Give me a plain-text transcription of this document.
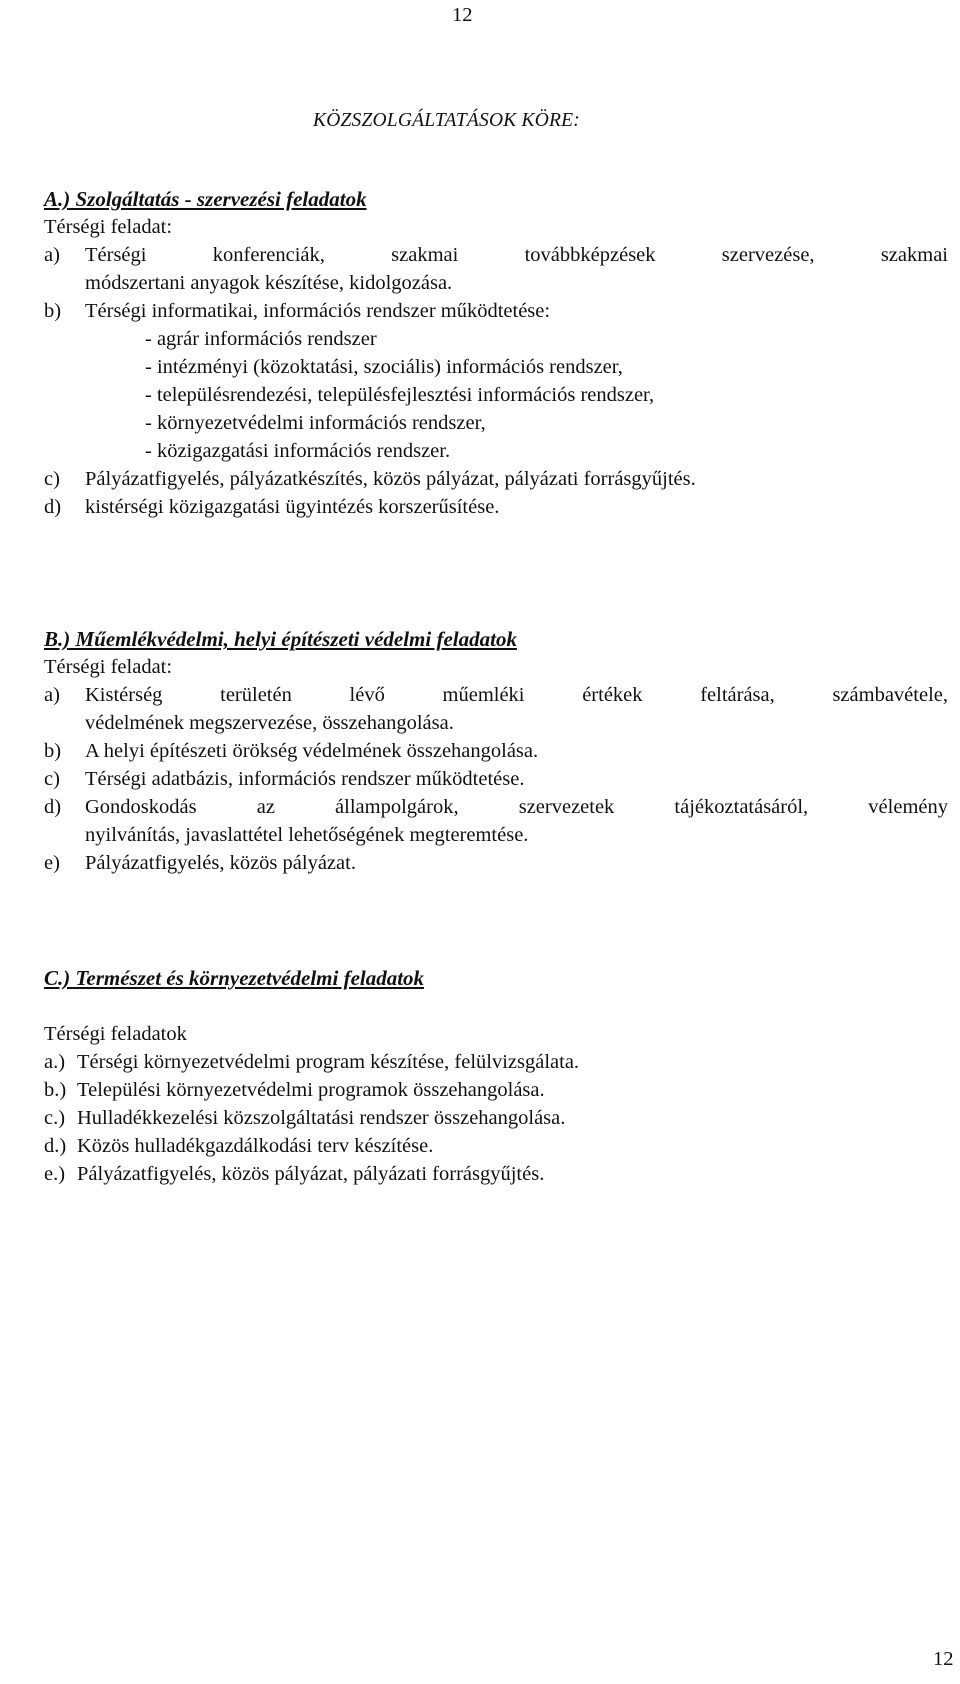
12
KÖZSZOLGÁLTATÁSOK KÖRE:
A.) Szolgáltatás - szervezési feladatok
Térségi feladat:
a)	Térségi konferenciák, szakmai továbbképzések szervezése, szakmai
módszertani anyagok készítése, kidolgozása.
b)	Térségi informatikai, információs rendszer működtetése:
- agrár információs rendszer
- intézményi (közoktatási, szociális) információs rendszer,
- településrendezési, településfejlesztési információs rendszer,
- környezetvédelmi információs rendszer,
- közigazgatási információs rendszer.
c)	Pályázatfigyelés, pályázatkészítés, közös pályázat, pályázati forrásgyűjtés.
d)	kistérségi közigazgatási ügyintézés korszerűsítése.
B.) Műemlékvédelmi, helyi építészeti védelmi feladatok
Térségi feladat:
a)	Kistérség területén lévő műemléki értékek feltárása, számbavétele,
védelmének megszervezése, összehangolása.
b)	A helyi építészeti örökség védelmének összehangolása.
c)	Térségi adatbázis, információs rendszer működtetése.
d)	Gondoskodás az állampolgárok, szervezetek tájékoztatásáról, vélemény
nyilvánítás, javaslattétel lehetőségének megteremtése.
e)	Pályázatfigyelés, közös pályázat.
C.) Természet és környezetvédelmi feladatok
Térségi feladatok
a.) Térségi környezetvédelmi program készítése, felülvizsgálata.
b.) Települési környezetvédelmi programok összehangolása.
c.) Hulladékkezelési közszolgáltatási rendszer összehangolása.
d.) Közös hulladékgazdálkodási terv készítése.
e.) Pályázatfigyelés, közös pályázat, pályázati forrásgyűjtés.
12
